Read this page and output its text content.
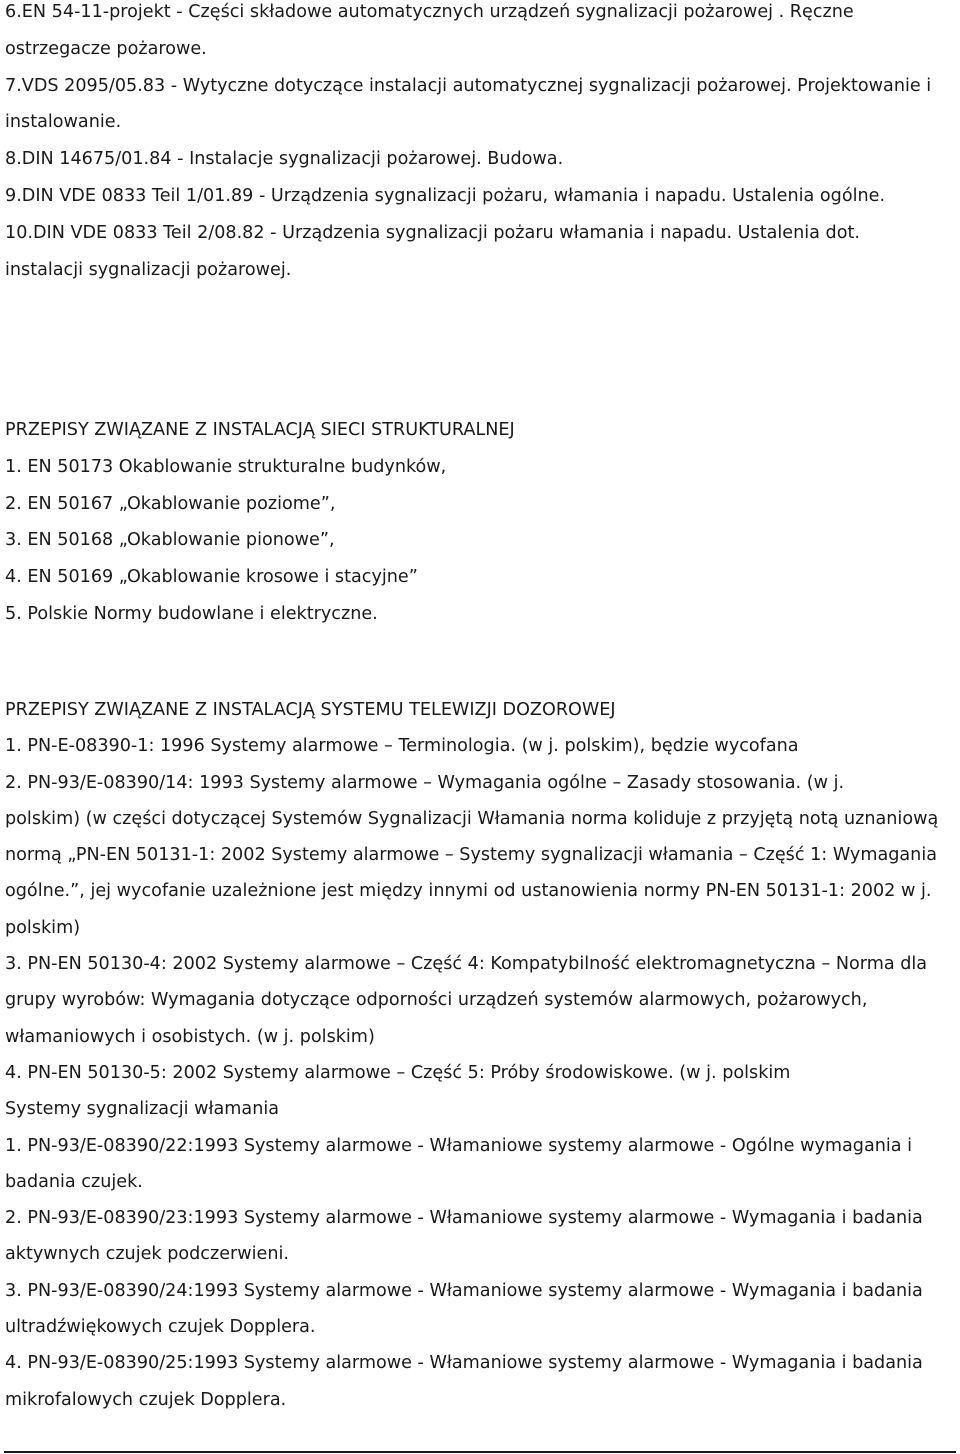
6.EN 54-11-projekt - Części składowe automatycznych urządzeń sygnalizacji pożarowej . Ręczne

ostrzegacze pożarowe.

7.VDS 2095/05.83 - Wytyczne dotyczące instalacji automatycznej sygnalizacji pożarowej. Projektowanie i

instalowanie.

8.DIN 14675/01.84 - Instalacje sygnalizacji pożarowej. Budowa.

9.DIN VDE 0833 Teil 1/01.89 - Urządzenia sygnalizacji pożaru, włamania i napadu. Ustalenia ogólne.

10.DIN VDE 0833 Teil 2/08.82 - Urządzenia sygnalizacji pożaru włamania i napadu. Ustalenia dot.

instalacji sygnalizacji pożarowej.

PRZEPISY ZWIĄZANE Z INSTALACJĄ SIECI STRUKTURALNEJ

1. EN 50173 Okablowanie strukturalne budynków,

2. EN 50167 „Okablowanie poziome”,

3. EN 50168 „Okablowanie pionowe”,

4. EN 50169 „Okablowanie krosowe i stacyjne”

5. Polskie Normy budowlane i elektryczne.

PRZEPISY ZWIĄZANE Z INSTALACJĄ SYSTEMU TELEWIZJI DOZOROWEJ

1. PN-E-08390-1: 1996 Systemy alarmowe – Terminologia. (w j. polskim), będzie wycofana

2. PN-93/E-08390/14: 1993 Systemy alarmowe – Wymagania ogólne – Zasady stosowania. (w j.

polskim) (w części dotyczącej Systemów Sygnalizacji Włamania norma koliduje z przyjętą notą uznaniową

normą „PN-EN 50131-1: 2002 Systemy alarmowe – Systemy sygnalizacji włamania – Część 1: Wymagania

ogólne.”, jej wycofanie uzależnione jest między innymi od ustanowienia normy PN-EN 50131-1: 2002 w j.

polskim)

3. PN-EN 50130-4: 2002 Systemy alarmowe – Część 4: Kompatybilność elektromagnetyczna – Norma dla

grupy wyrobów: Wymagania dotyczące odporności urządzeń systemów alarmowych, pożarowych,

włamaniowych i osobistych. (w j. polskim)

4. PN-EN 50130-5: 2002 Systemy alarmowe – Część 5: Próby środowiskowe. (w j. polskim

Systemy sygnalizacji włamania

1. PN-93/E-08390/22:1993 Systemy alarmowe - Włamaniowe systemy alarmowe - Ogólne wymagania i

badania czujek.

2. PN-93/E-08390/23:1993 Systemy alarmowe - Włamaniowe systemy alarmowe - Wymagania i badania

aktywnych czujek podczerwieni.

3. PN-93/E-08390/24:1993 Systemy alarmowe - Włamaniowe systemy alarmowe - Wymagania i badania

ultradźwiękowych czujek Dopplera.

4. PN-93/E-08390/25:1993 Systemy alarmowe - Włamaniowe systemy alarmowe - Wymagania i badania

mikrofalowych czujek Dopplera.
